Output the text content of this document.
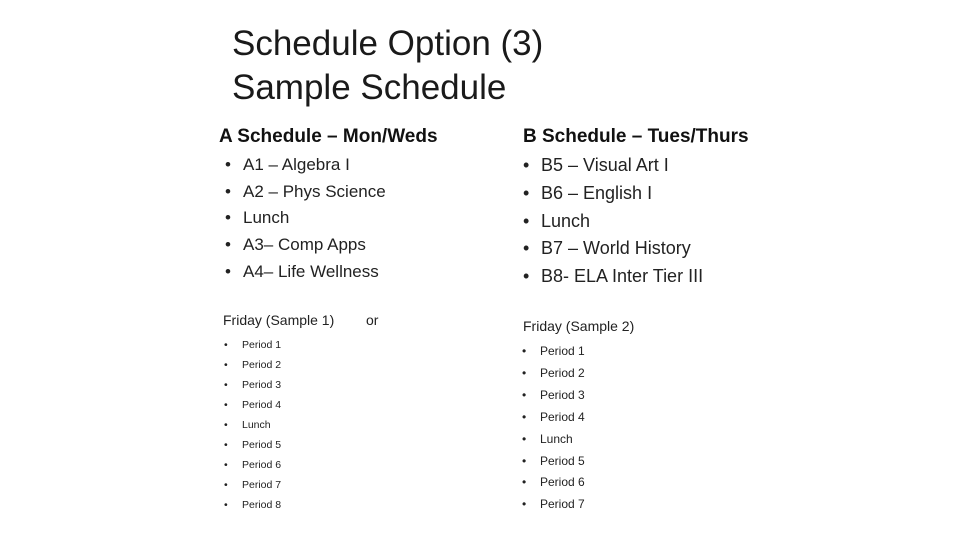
Schedule Option (3)
Sample Schedule
A Schedule – Mon/Weds
• A1 – Algebra I
• A2 – Phys Science
• Lunch
• A3– Comp Apps
• A4– Life Wellness
B Schedule – Tues/Thurs
• B5 – Visual Art I
• B6 – English I
• Lunch
• B7 – World History
• B8- ELA Inter Tier III
Friday (Sample 1) or
• Period 1
• Period 2
• Period 3
• Period 4
• Lunch
• Period 5
• Period 6
• Period 7
• Period 8
Friday (Sample 2)
• Period 1
• Period 2
• Period 3
• Period 4
• Lunch
• Period 5
• Period 6
• Period 7
